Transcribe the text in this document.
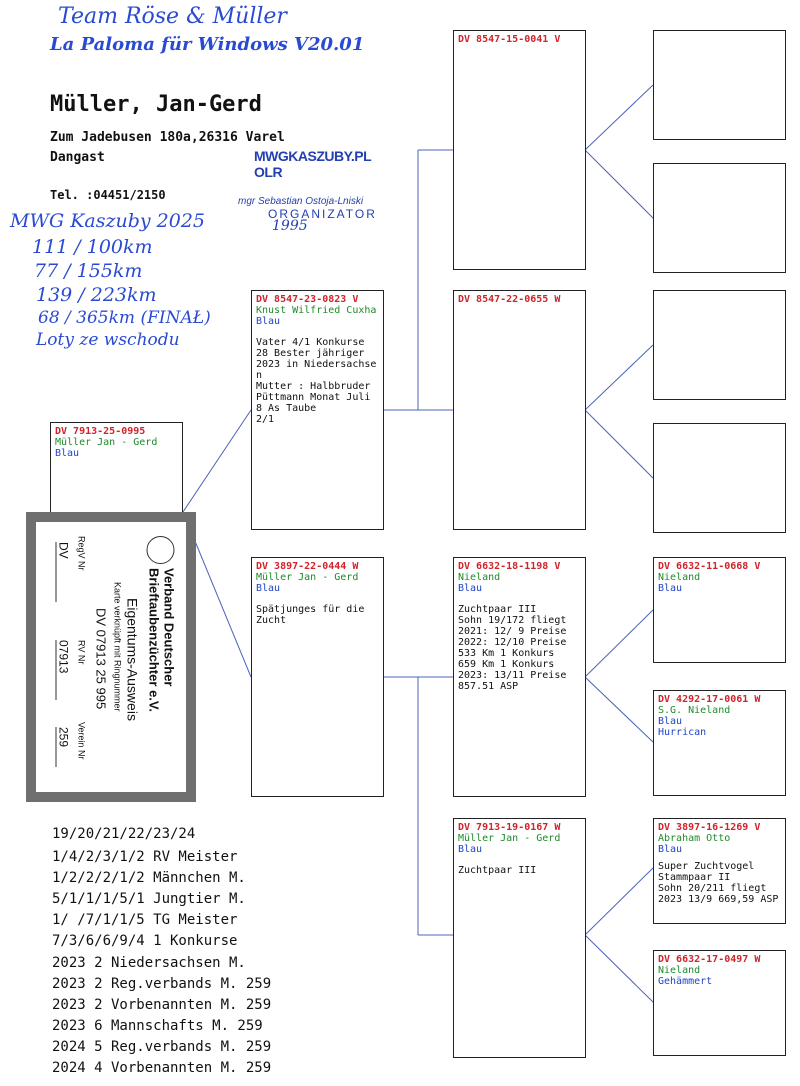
Team Röse & Müller
La Paloma für Windows V20.01
Müller, Jan-Gerd
Zum Jadebusen 180a,26316 Varel
Dangast
Tel. :04451/2150
MWGKASZUBY.PL OLR
mgr Sebastian Ostoja-Lniski
ORGANIZATOR
1995
MWG Kaszuby 2025
111 / 100km
77 / 155km
139 / 223km
68 / 365km (FINAŁ)
Loty ze wschodu
DV 7913-25-0995
Müller Jan - Gerd
Blau
Verband Deutscher
Brieftaubenzüchter e.V.
Eigentums-Ausweis
Karte verknüpft mit Ringnummer
DV 07913 25 995
RegV Nr
RV Nr
Verein Nr
DV
07913
259
DV 8547-23-0823 V
Knust Wilfried Cuxha
Blau
Vater 4/1 Konkurse
28 Bester jähriger
2023 in Niedersachse
n
Mutter : Halbbruder
Püttmann Monat Juli
8 As Taube
2/1
DV 3897-22-0444 W
Müller Jan - Gerd
Blau
Spätjunges für die
Zucht
DV 8547-15-0041 V
DV 8547-22-0655 W
DV 6632-18-1198 V
Nieland
Blau
Zuchtpaar III
Sohn 19/172 fliegt
2021: 12/ 9 Preise
2022: 12/10 Preise
533 Km 1 Konkurs
659 Km 1 Konkurs
2023: 13/11 Preise
857.51 ASP
DV 7913-19-0167 W
Müller Jan - Gerd
Blau
Zuchtpaar III
DV 6632-11-0668 V
Nieland
Blau
DV 4292-17-0061 W
S.G. Nieland
Blau
Hurrican
DV 3897-16-1269 V
Abraham Otto
Blau
Super Zuchtvogel
Stammpaar II
Sohn 20/211 fliegt
2023 13/9 669,59 ASP
DV 6632-17-0497 W
Nieland
Gehämmert
19/20/21/22/23/24
1/4/2/3/1/2 RV Meister
1/2/2/2/1/2 Männchen M.
5/1/1/1/5/1 Jungtier M.
1/ /7/1/1/5 TG Meister
7/3/6/6/9/4 1 Konkurse
2023 2 Niedersachsen M.
2023 2 Reg.verbands M. 259
2023 2 Vorbenannten M. 259
2023 6 Mannschafts M. 259
2024 5 Reg.verbands M. 259
2024 4 Vorbenannten M. 259
